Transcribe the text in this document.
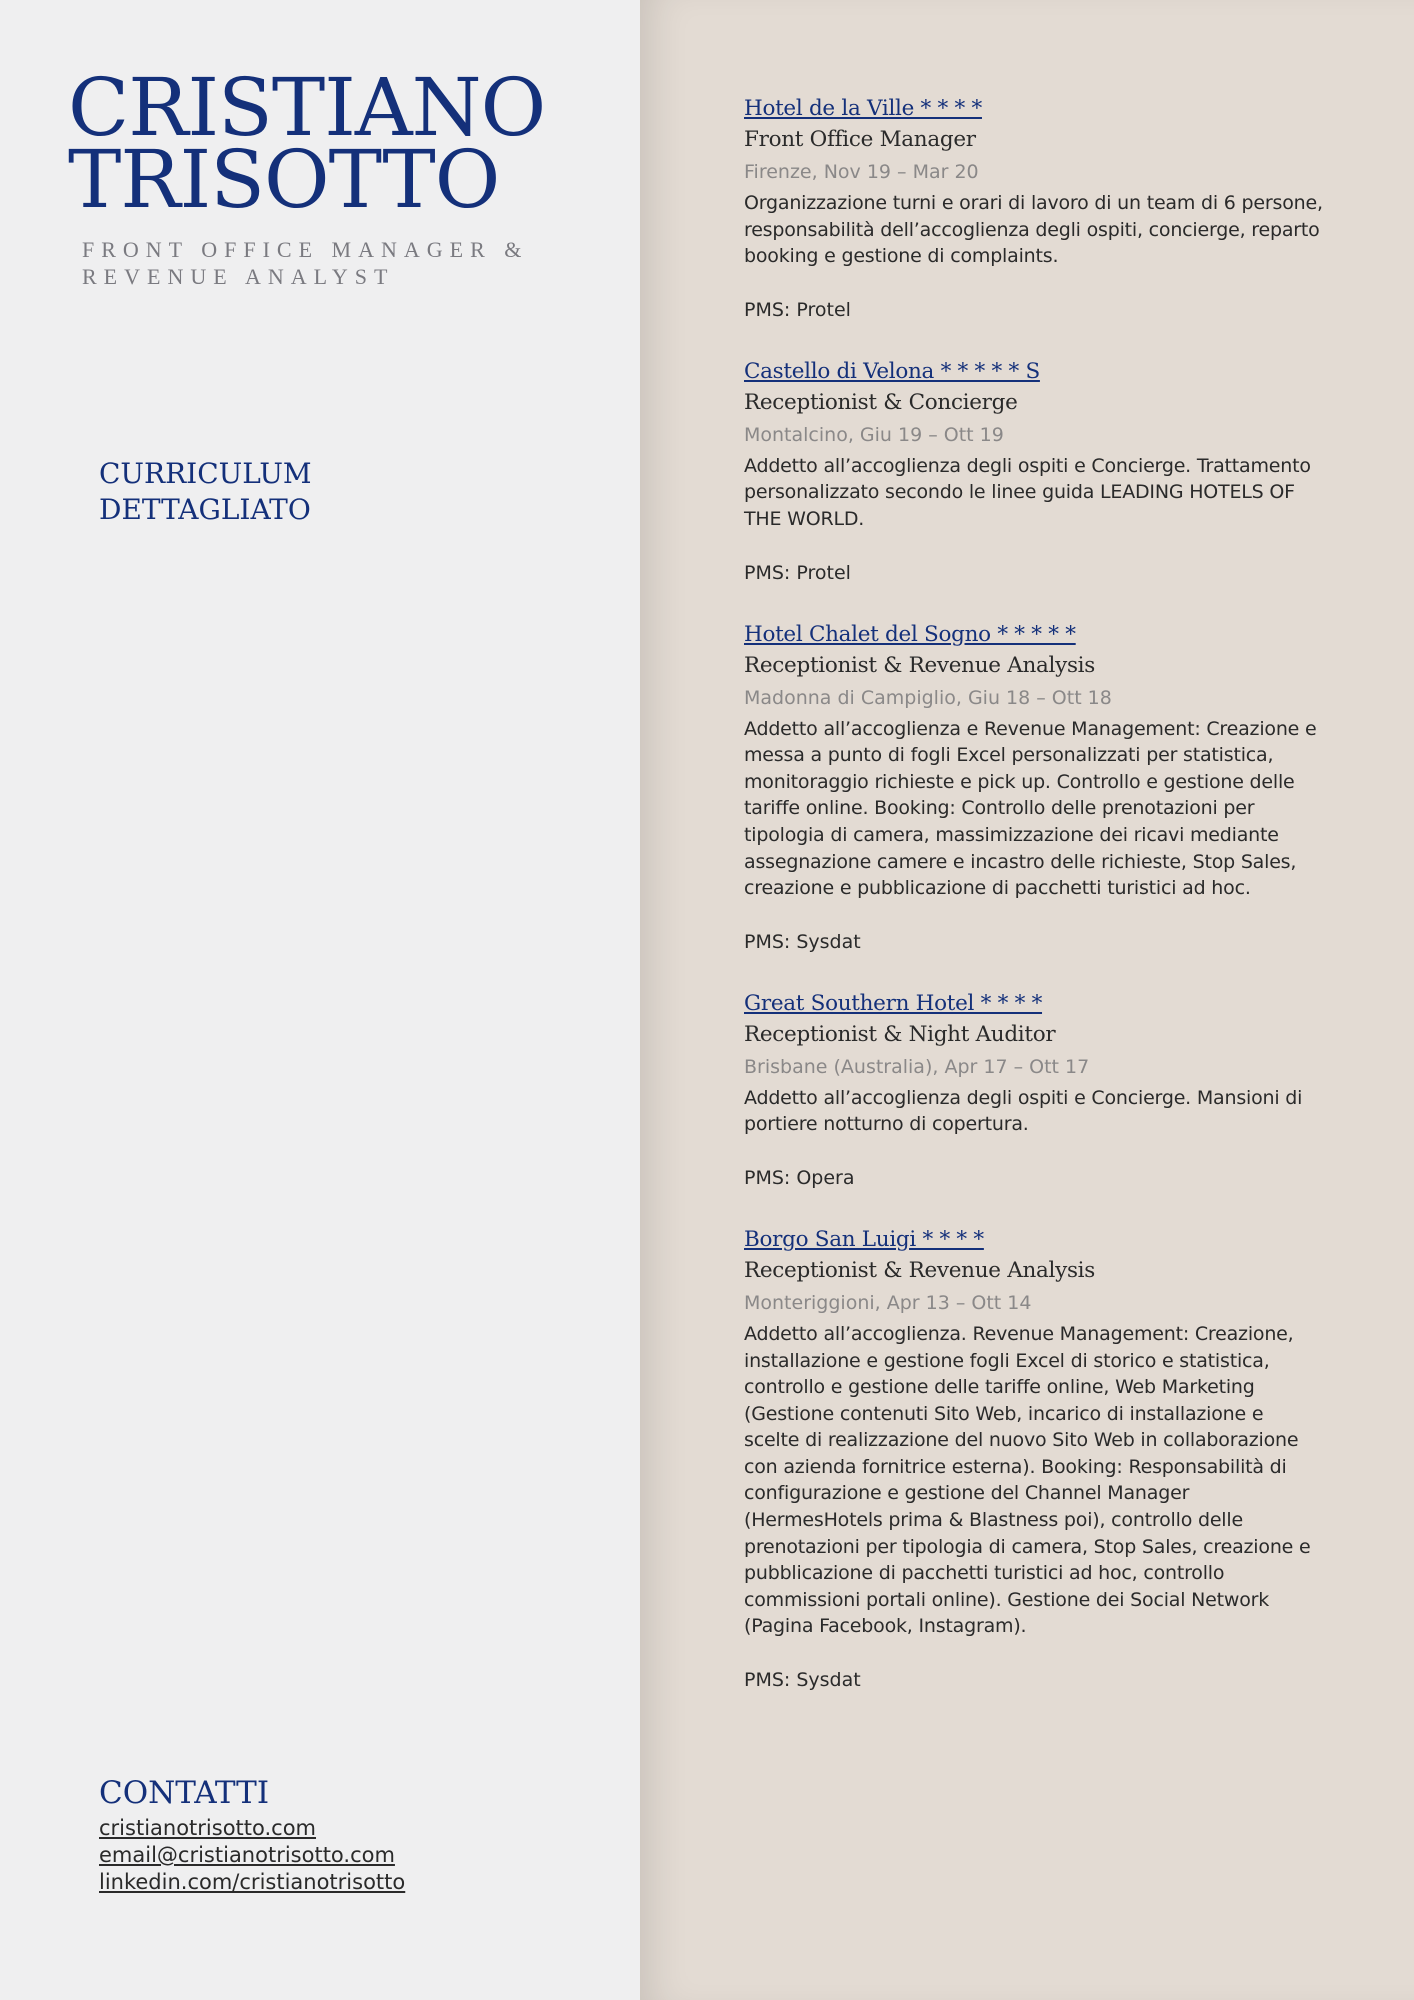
CRISTIANO
TRISOTTO
FRONT OFFICE MANAGER &
REVENUE ANALYST
CURRICULUM
DETTAGLIATO
CONTATTI
cristianotrisotto.com
email@cristianotrisotto.com
linkedin.com/cristianotrisotto
Hotel de la Ville * * * *
Front Office Manager
Firenze, Nov 19 – Mar 20
Organizzazione turni e orari di lavoro di un team di 6 persone, responsabilità dell’accoglienza degli ospiti, concierge, reparto booking e gestione di complaints.
PMS: Protel
Castello di Velona * * * * * S
Receptionist & Concierge
Montalcino, Giu 19 – Ott 19
Addetto all’accoglienza degli ospiti e Concierge. Trattamento personalizzato secondo le linee guida LEADING HOTELS OF THE WORLD.
PMS: Protel
Hotel Chalet del Sogno * * * * *
Receptionist & Revenue Analysis
Madonna di Campiglio, Giu 18 – Ott 18
Addetto all’accoglienza e Revenue Management: Creazione e messa a punto di fogli Excel personalizzati per statistica, monitoraggio richieste e pick up. Controllo e gestione delle tariffe online. Booking: Controllo delle prenotazioni per tipologia di camera, massimizzazione dei ricavi mediante assegnazione camere e incastro delle richieste, Stop Sales, creazione e pubblicazione di pacchetti turistici ad hoc.
PMS: Sysdat
Great Southern Hotel * * * *
Receptionist & Night Auditor
Brisbane (Australia), Apr 17 – Ott 17
Addetto all’accoglienza degli ospiti e Concierge. Mansioni di portiere notturno di copertura.
PMS: Opera
Borgo San Luigi * * * *
Receptionist & Revenue Analysis
Monteriggioni, Apr 13 – Ott 14
Addetto all’accoglienza. Revenue Management: Creazione, installazione e gestione fogli Excel di storico e statistica, controllo e gestione delle tariffe online, Web Marketing (Gestione contenuti Sito Web, incarico di installazione e scelte di realizzazione del nuovo Sito Web in collaborazione con azienda fornitrice esterna). Booking: Responsabilità di configurazione e gestione del Channel Manager (HermesHotels prima & Blastness poi), controllo delle prenotazioni per tipologia di camera, Stop Sales, creazione e pubblicazione di pacchetti turistici ad hoc, controllo commissioni portali online). Gestione dei Social Network (Pagina Facebook, Instagram).
PMS: Sysdat
